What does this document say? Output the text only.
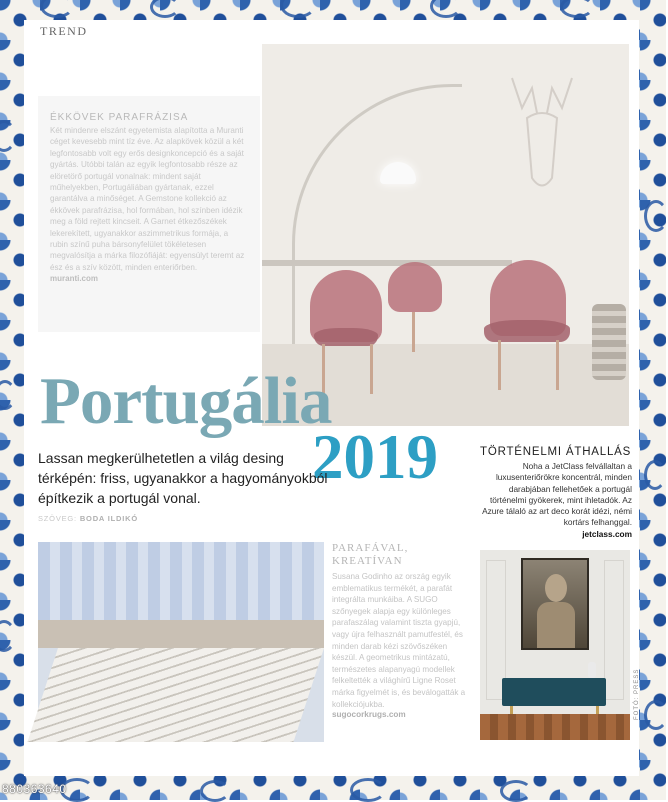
TREND
ÉKKÖVEK PARAFRÁZISA

Két mindenre elszánt egyetemista alapította a Muranti céget kevesebb mint tíz éve. Az alapkövek közül a két legfontosabb volt egy erős designkoncepció és a saját gyártás. Utóbbi talán az egyik legfontosabb része az elöretörő portugál vonalnak: mindent saját műhelyekben, Portugáliában gyártanak, ezzel garantálva a minőséget. A Gemstone kollekció az ékkövek parafrázisa, hol formában, hol színben idézik meg a föld rejtett kincseit. A Garnet étkezőszékek lekerekített, ugyanakkor aszimmetrikus formája, a rubin színű puha bársonyfelület tökéletesen megvalósítja a márka filozófiáját: egyensúlyt teremt az ész és a szív között, minden enteriőrben.

muranti.com
Portugália
2019
Lassan megkerülhetetlen a világ desing térképén: friss, ugyanakkor a hagyományokból építkezik a portugál vonal.
SZÖVEG: BODA ILDIKÓ
TÖRTÉNELMI ÁTHALLÁS

Noha a JetClass felvállaltan a luxusenteriőrökre koncentrál, minden darabjában fellehetőek a portugál történelmi gyökerek, mint ihletadók. Az Azure tálaló az art deco korát idézi, némi kortárs felhanggal.

jetclass.com
PARAFÁVAL,
KREATÍVAN

Susana Godinho az ország egyik emblematikus termékét, a parafát integrálta munkáiba. A SUGO szőnyegek alapja egy különleges parafaszálag valamint tiszta gyapjú, vagy újra felhasznált pamutfestél, és minden darab kézi szövőszéken készül. A geometrikus mintázatú, természetes alapanyagú modellek felkeltették a világhírű Ligne Roset márka figyelmét is, és beválogatták a kollekciójukba.

sugocorkrugs.com	FOTÓ: PRESS
880363640
